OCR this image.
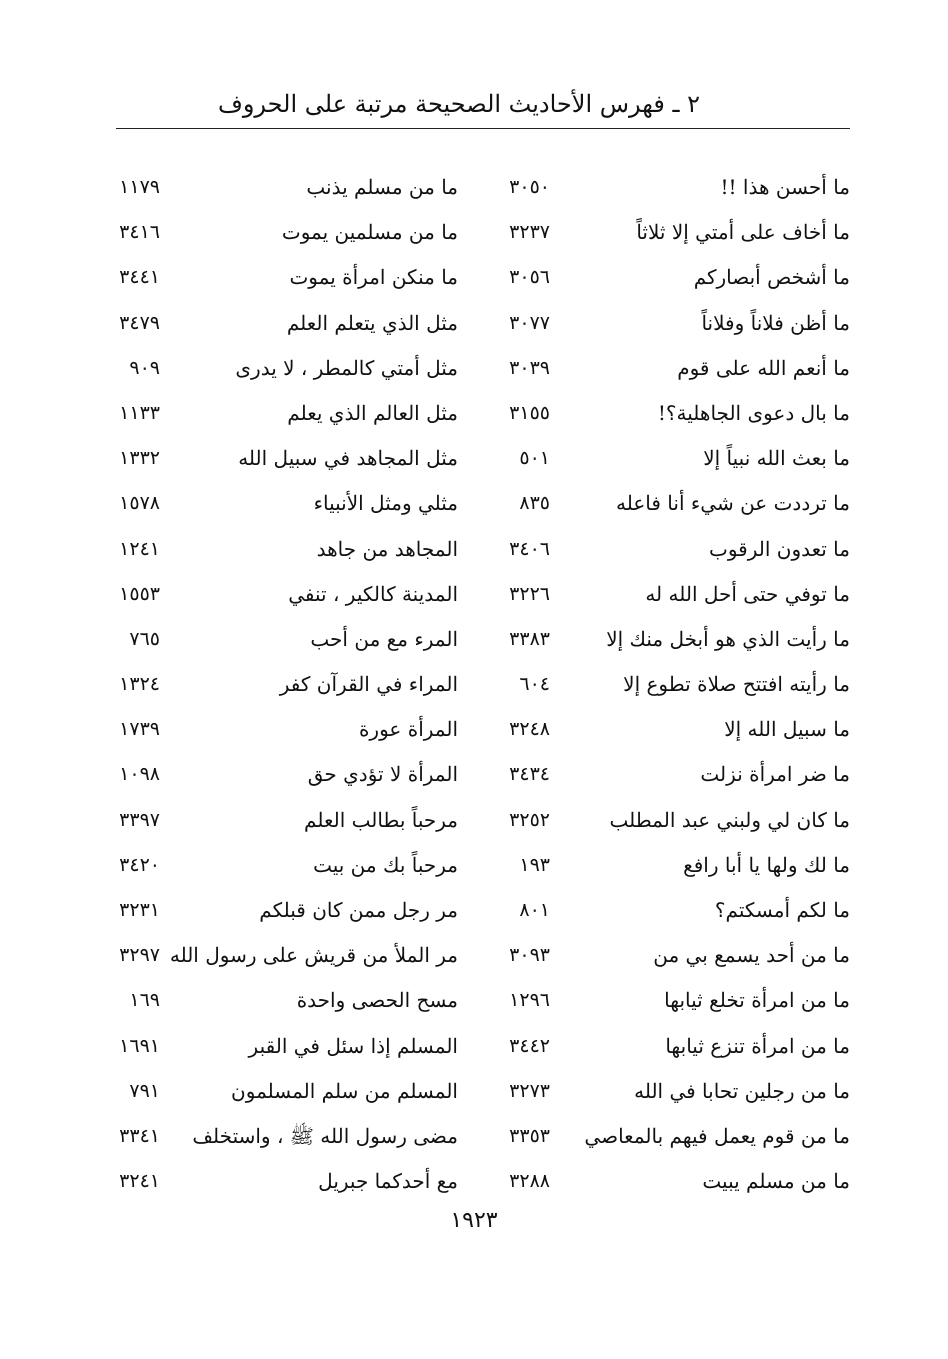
٢ ـ فهرس الأحاديث الصحيحة مرتبة على الحروف
ما أحسن هذا !!
٣٠٥٠
ما من مسلم يذنب
١١٧٩
ما أخاف على أمتي إلا ثلاثاً
٣٢٣٧
ما من مسلمين يموت
٣٤١٦
ما أشخص أبصاركم
٣٠٥٦
ما منكن امرأة يموت
٣٤٤١
ما أظن فلاناً وفلاناً
٣٠٧٧
مثل الذي يتعلم العلم
٣٤٧٩
ما أنعم الله على قوم
٣٠٣٩
مثل أمتي كالمطر ، لا يدرى
٩٠٩
ما بال دعوى الجاهلية؟!
٣١٥٥
مثل العالم الذي يعلم
١١٣٣
ما بعث الله نبياً إلا
٥٠١
مثل المجاهد في سبيل الله
١٣٣٢
ما ترددت عن شيء أنا فاعله
٨٣٥
مثلي ومثل الأنبياء
١٥٧٨
ما تعدون الرقوب
٣٤٠٦
المجاهد من جاهد
١٢٤١
ما توفي حتى أحل الله له
٣٢٢٦
المدينة كالكير ، تنفي
١٥٥٣
ما رأيت الذي هو أبخل منك إلا
٣٣٨٣
المرء مع من أحب
٧٦٥
ما رأيته افتتح صلاة تطوع إلا
٦٠٤
المراء في القرآن كفر
١٣٢٤
ما سبيل الله إلا
٣٢٤٨
المرأة عورة
١٧٣٩
ما ضر امرأة نزلت
٣٤٣٤
المرأة لا تؤدي حق
١٠٩٨
ما كان لي ولبني عبد المطلب
٣٢٥٢
مرحباً بطالب العلم
٣٣٩٧
ما لك ولها يا أبا رافع
١٩٣
مرحباً بك من بيت
٣٤٢٠
ما لكم أمسكتم؟
٨٠١
مر رجل ممن كان قبلكم
٣٢٣١
ما من أحد يسمع بي من
٣٠٩٣
مر الملأ من قريش على رسول الله
٣٢٩٧
ما من امرأة تخلع ثيابها
١٢٩٦
مسح الحصى واحدة
١٦٩
ما من امرأة تنزع ثيابها
٣٤٤٢
المسلم إذا سئل في القبر
١٦٩١
ما من رجلين تحابا في الله
٣٢٧٣
المسلم من سلم المسلمون
٧٩١
ما من قوم يعمل فيهم بالمعاصي
٣٣٥٣
مضى رسول الله ﷺ ، واستخلف
٣٣٤١
ما من مسلم يبيت
٣٢٨٨
مع أحدكما جبريل
٣٢٤١
١٩٢٣
